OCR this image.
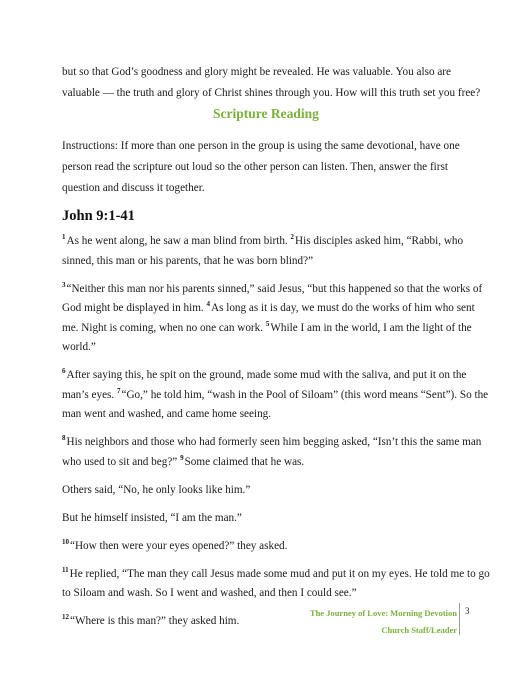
but so that God’s goodness and glory might be revealed. He was valuable. You also are valuable — the truth and glory of Christ shines through you. How will this truth set you free?
Scripture Reading
Instructions: If more than one person in the group is using the same devotional, have one person read the scripture out loud so the other person can listen. Then, answer the first question and discuss it together.
John 9:1-41

$^1$As he went along, he saw a man blind from birth. $^2$His disciples asked him, “Rabbi, who sinned, this man or his parents, that he was born blind?”

$^3$“Neither this man nor his parents sinned,” said Jesus, “but this happened so that the works of God might be displayed in him. $^4$As long as it is day, we must do the works of him who sent me. Night is coming, when no one can work. $^5$While I am in the world, I am the light of the world.”

$^6$After saying this, he spit on the ground, made some mud with the saliva, and put it on the man’s eyes. $^7$“Go,” he told him, “wash in the Pool of Siloam” (this word means “Sent”). So the man went and washed, and came home seeing.

$^8$His neighbors and those who had formerly seen him begging asked, “Isn’t this the same man who used to sit and beg?” $^9$Some claimed that he was.

Others said, “No, he only looks like him.”

But he himself insisted, “I am the man.”

$^{10}$“How then were your eyes opened?” they asked.

$^{11}$He replied, “The man they call Jesus made some mud and put it on my eyes. He told me to go to Siloam and wash. So I went and washed, and then I could see.”

$^{12}$“Where is this man?” they asked him.

The Journey of Love: Morning Devotion
Church Staff/Leader
3
